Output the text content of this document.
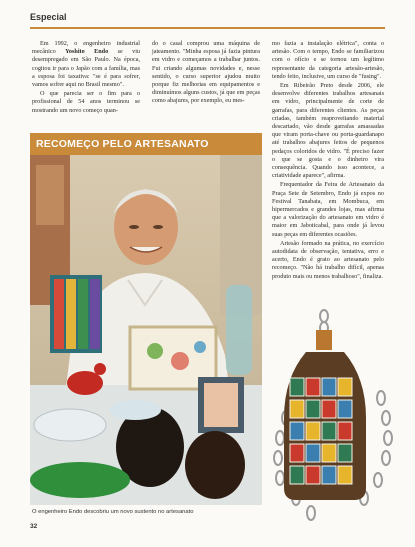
Especial

Em 1992, o engenheiro industrial mecânico Yoshito Endo se viu desempregado em São Paulo. Na época, cogitou ir para o Japão com a família, mas a esposa foi taxativa: "se é para sofrer, vamos sofrer aqui no Brasil mesmo".

O que parecia ser o fim para o profissional de 54 anos terminou se mostrando um novo começo quan-

do o casal comprou uma máquina de jateamento. "Minha esposa já fazia pintura em vidro e começamos a trabalhar juntos. Fui criando algumas novidades e, nesse sentido, o curso superior ajudou muito porque fiz melhorias em equipamentos e diminuímos alguns custos, já que em peças como abajures, por exemplo, eu mes-

mo fazia a instalação elétrica", conta o artesão. Com o tempo, Endo se familiarizou com o ofício e se tornou um legítimo representante da categoria artesão-artesão, tendo feito, inclusive, um curso de "fusing".

Em Ribeirão Preto desde 2006, ele desenvolve diferentes trabalhos artesanais em vidro, principalmente de corte de garrafas, para diferentes clientes. As peças criadas, também reaproveitando material descartado, vão desde garrafas amassadas que viram porta-chave ou porta-guardanapo até trabalhos abajures feitos de pequenos pedaços coloridos de vidro. "É preciso fazer o que se gosta e o dinheiro vira consequência. Quando isso acontece, a criatividade aparece", afirma.

Frequentador da Feira de Artesanato da Praça Sete de Setembro, Endo já expos no Festival Tanabata, em Mombuca, em hipermercados e grandes lojas, mas afirma que a valorização do artesanato em vidro é maior em Jaboticabal, para onde já levou suas peças em diferentes ocasiões.

Artesão formado na prática, no exercício autodidata de observação, tentativa, erro e acerto, Endo é grato ao artesanato pelo recomeço. "Não há trabalho difícil, apenas produto mais ou menos trabalhoso", finaliza.

RECOMEÇO PELO ARTESANATO
O engenheiro Endo descobriu um novo sustento no artesanato
32
